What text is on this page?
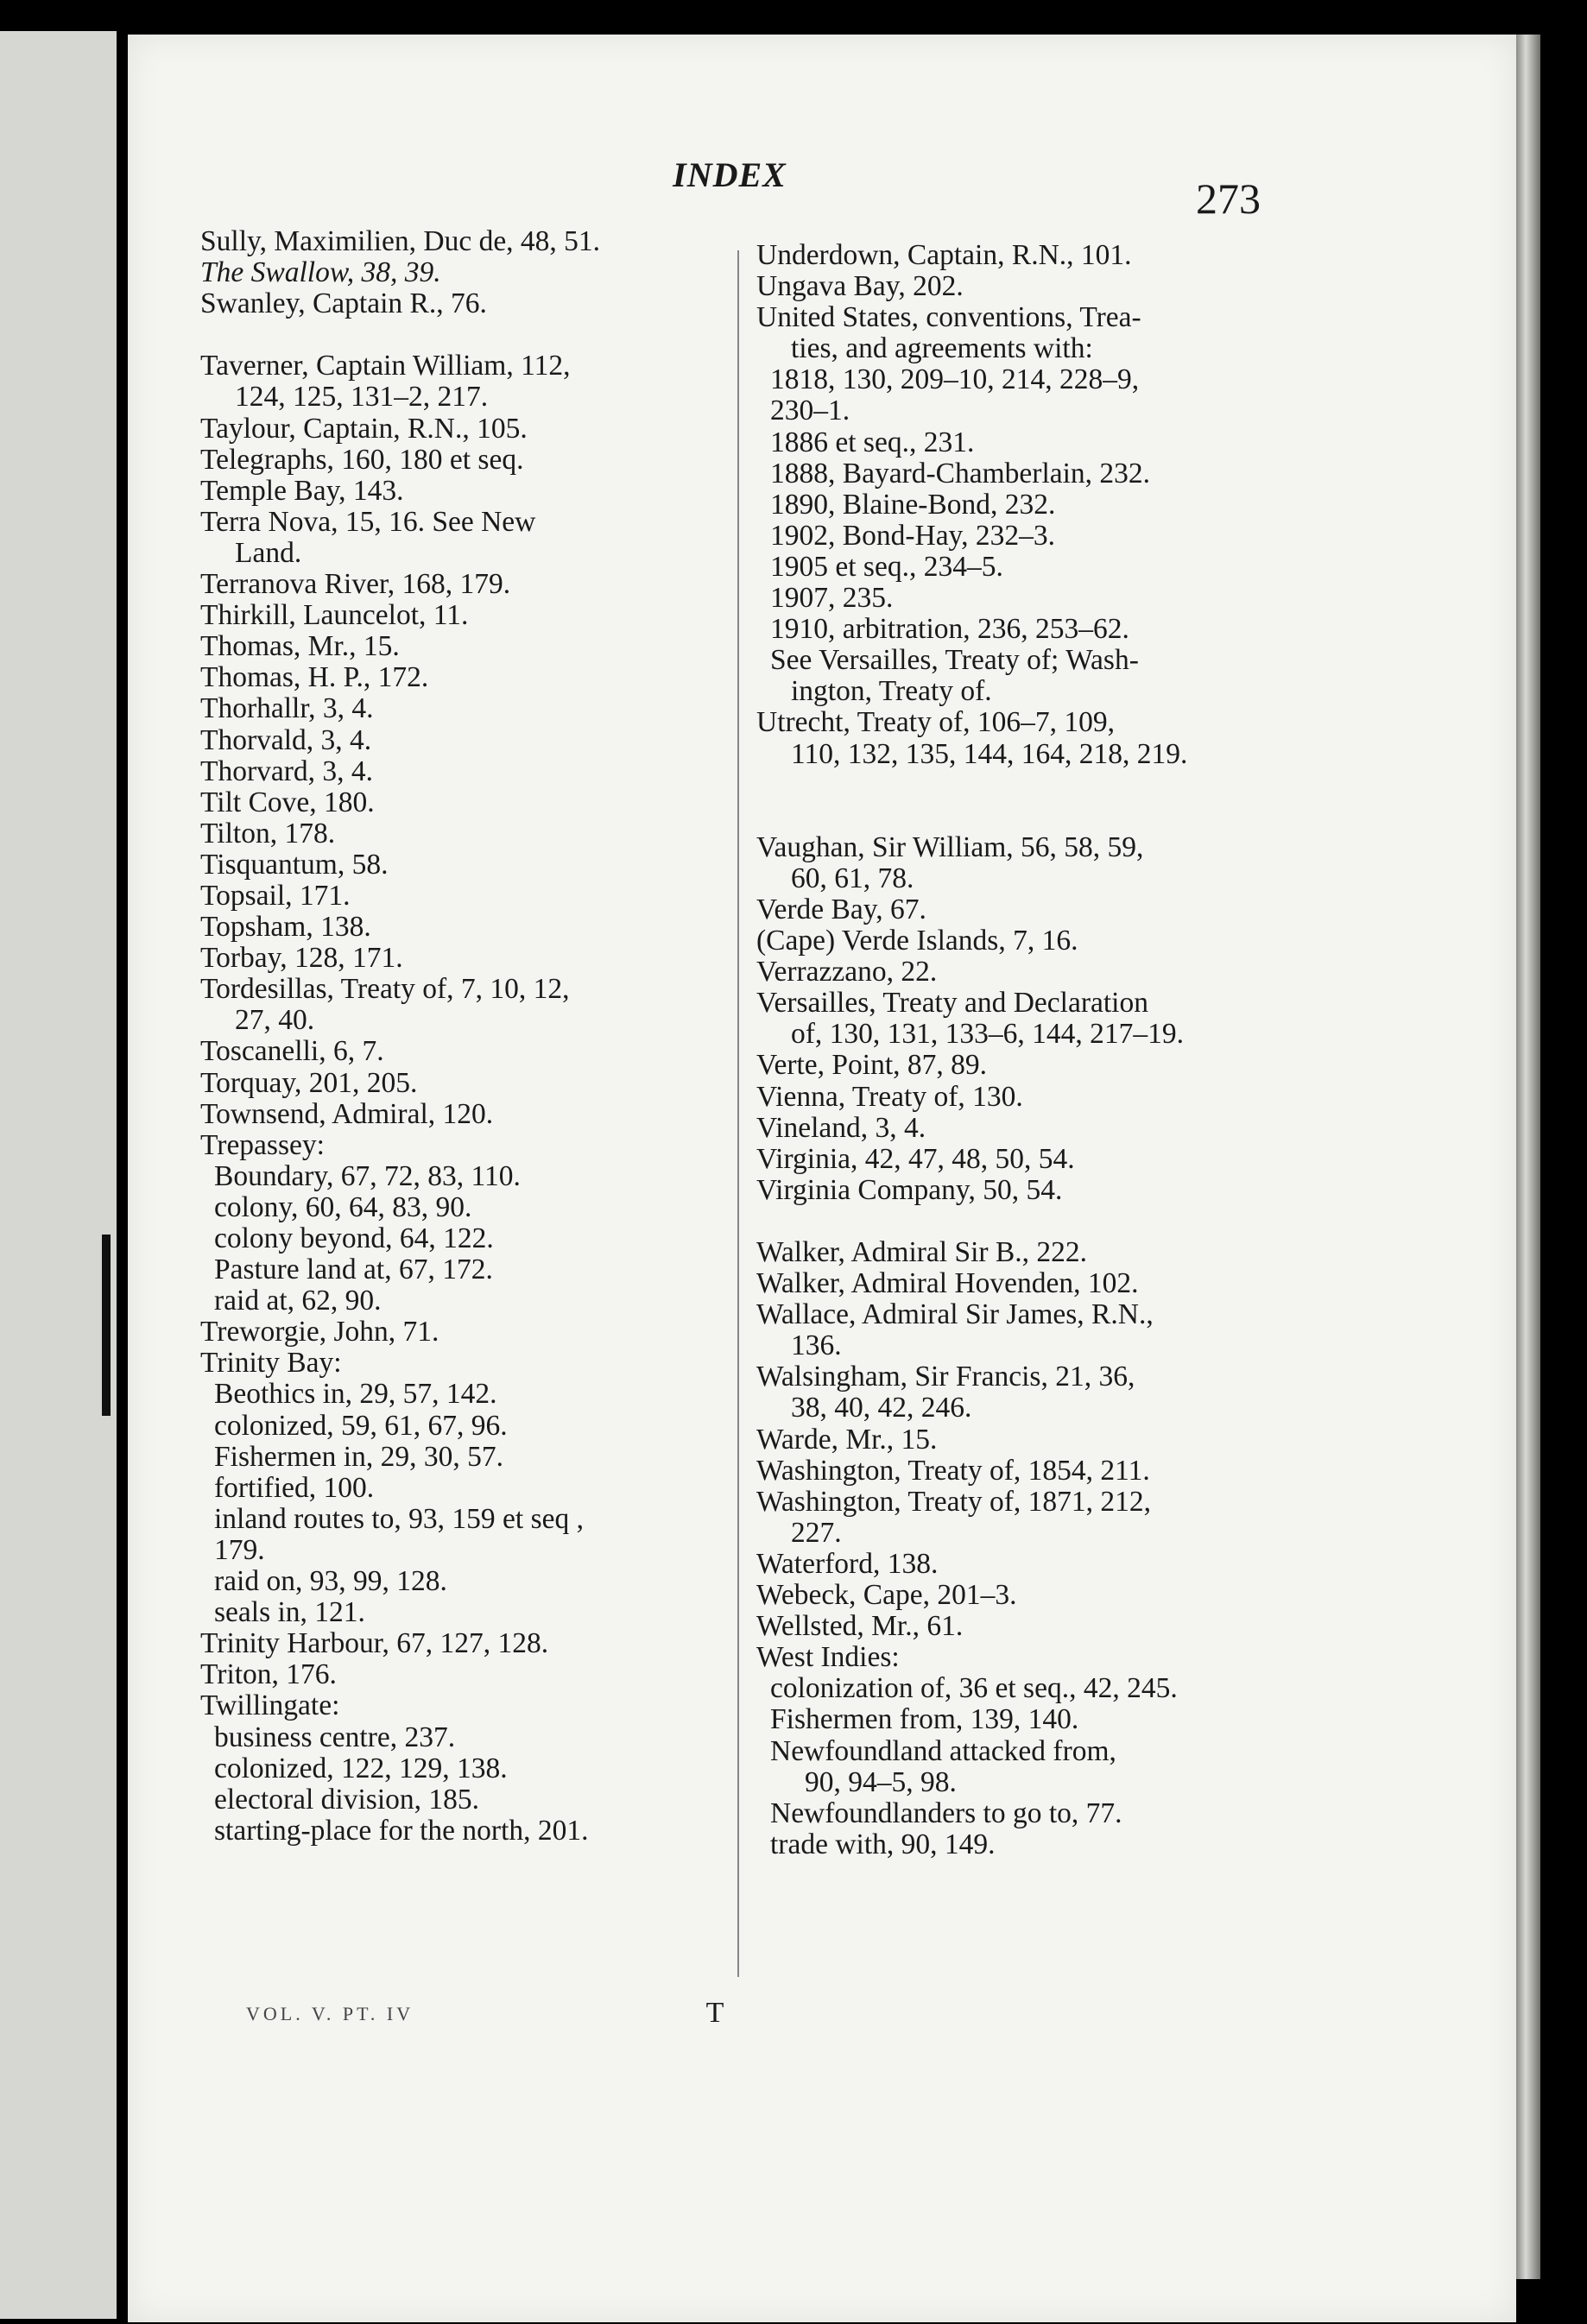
INDEX	273
Sully, Maximilien, Duc de, 48, 51.
The Swallow, 38, 39.
Swanley, Captain R., 76.
Taverner, Captain William, 112,
124, 125, 131–2, 217.
Taylour, Captain, R.N., 105.
Telegraphs, 160, 180 et seq.
Temple Bay, 143.
Terra Nova, 15, 16. See New
Land.
Terranova River, 168, 179.
Thirkill, Launcelot, 11.
Thomas, Mr., 15.
Thomas, H. P., 172.
Thorhallr, 3, 4.
Thorvald, 3, 4.
Thorvard, 3, 4.
Tilt Cove, 180.
Tilton, 178.
Tisquantum, 58.
Topsail, 171.
Topsham, 138.
Torbay, 128, 171.
Tordesillas, Treaty of, 7, 10, 12,
27, 40.
Toscanelli, 6, 7.
Torquay, 201, 205.
Townsend, Admiral, 120.
Trepassey:
Boundary, 67, 72, 83, 110.
colony, 60, 64, 83, 90.
colony beyond, 64, 122.
Pasture land at, 67, 172.
raid at, 62, 90.
Treworgie, John, 71.
Trinity Bay:
Beothics in, 29, 57, 142.
colonized, 59, 61, 67, 96.
Fishermen in, 29, 30, 57.
fortified, 100.
inland routes to, 93, 159 et seq ,
179.
raid on, 93, 99, 128.
seals in, 121.
Trinity Harbour, 67, 127, 128.
Triton, 176.
Twillingate:
business centre, 237.
colonized, 122, 129, 138.
electoral division, 185.
starting-place for the north, 201.
Underdown, Captain, R.N., 101.
Ungava Bay, 202.
United States, conventions, Trea-
ties, and agreements with:
1818, 130, 209–10, 214, 228–9,
230–1.
1886 et seq., 231.
1888, Bayard-Chamberlain, 232.
1890, Blaine-Bond, 232.
1902, Bond-Hay, 232–3.
1905 et seq., 234–5.
1907, 235.
1910, arbitration, 236, 253–62.
See Versailles, Treaty of; Wash-
ington, Treaty of.
Utrecht, Treaty of, 106–7, 109,
110, 132, 135, 144, 164, 218, 219.
Vaughan, Sir William, 56, 58, 59,
60, 61, 78.
Verde Bay, 67.
(Cape) Verde Islands, 7, 16.
Verrazzano, 22.
Versailles, Treaty and Declaration
of, 130, 131, 133–6, 144, 217–19.
Verte, Point, 87, 89.
Vienna, Treaty of, 130.
Vineland, 3, 4.
Virginia, 42, 47, 48, 50, 54.
Virginia Company, 50, 54.
Walker, Admiral Sir B., 222.
Walker, Admiral Hovenden, 102.
Wallace, Admiral Sir James, R.N.,
136.
Walsingham, Sir Francis, 21, 36,
38, 40, 42, 246.
Warde, Mr., 15.
Washington, Treaty of, 1854, 211.
Washington, Treaty of, 1871, 212,
227.
Waterford, 138.
Webeck, Cape, 201–3.
Wellsted, Mr., 61.
West Indies:
colonization of, 36 et seq., 42, 245.
Fishermen from, 139, 140.
Newfoundland attacked from,
90, 94–5, 98.
Newfoundlanders to go to, 77.
trade with, 90, 149.
VOL. V. PT. IV	T
